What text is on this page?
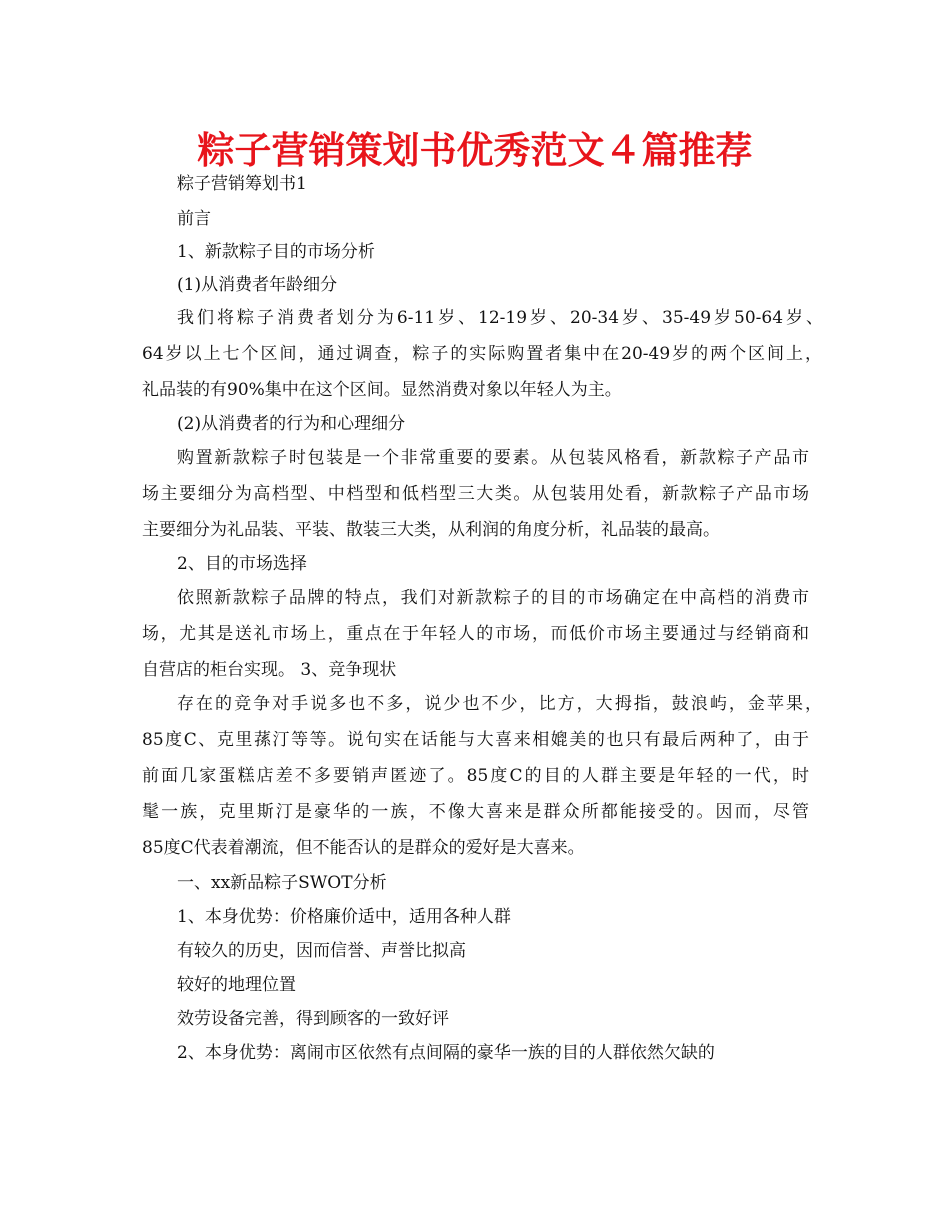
粽子营销策划书优秀范文４篇推荐

粽子营销筹划书1

前言

1、新款粽子目的市场分析

(1)从消费者年龄细分

我们将粽子消费者划分为6-11岁、12-19岁、20-34岁、35-49岁50-64岁、

64岁以上七个区间，通过调查，粽子的实际购置者集中在20-49岁的两个区间上，

礼品装的有90%集中在这个区间。显然消费对象以年轻人为主。

(2)从消费者的行为和心理细分

购置新款粽子时包装是一个非常重要的要素。从包装风格看，新款粽子产品市

场主要细分为高档型、中档型和低档型三大类。从包装用处看，新款粽子产品市场

主要细分为礼品装、平装、散装三大类，从利润的角度分析，礼品装的最高。

2、目的市场选择

依照新款粽子品牌的特点，我们对新款粽子的目的市场确定在中高档的消费市

场，尤其是送礼市场上，重点在于年轻人的市场，而低价市场主要通过与经销商和

自营店的柜台实现。 3、竞争现状

存在的竞争对手说多也不多，说少也不少，比方，大拇指，鼓浪屿，金苹果，

85度C、克里蓀汀等等。说句实在话能与大喜来相媲美的也只有最后两种了，由于

前面几家蛋糕店差不多要销声匿迹了。85度C的目的人群主要是年轻的一代，时

髦一族，克里斯汀是豪华的一族，不像大喜来是群众所都能接受的。因而，尽管

85度C代表着潮流，但不能否认的是群众的爱好是大喜来。

一、xx新品粽子SWOT分析

1、本身优势：价格廉价适中，适用各种人群

有较久的历史，因而信誉、声誉比拟高

较好的地理位置

效劳设备完善，得到顾客的一致好评

2、本身优势：离闹市区依然有点间隔的豪华一族的目的人群依然欠缺的
